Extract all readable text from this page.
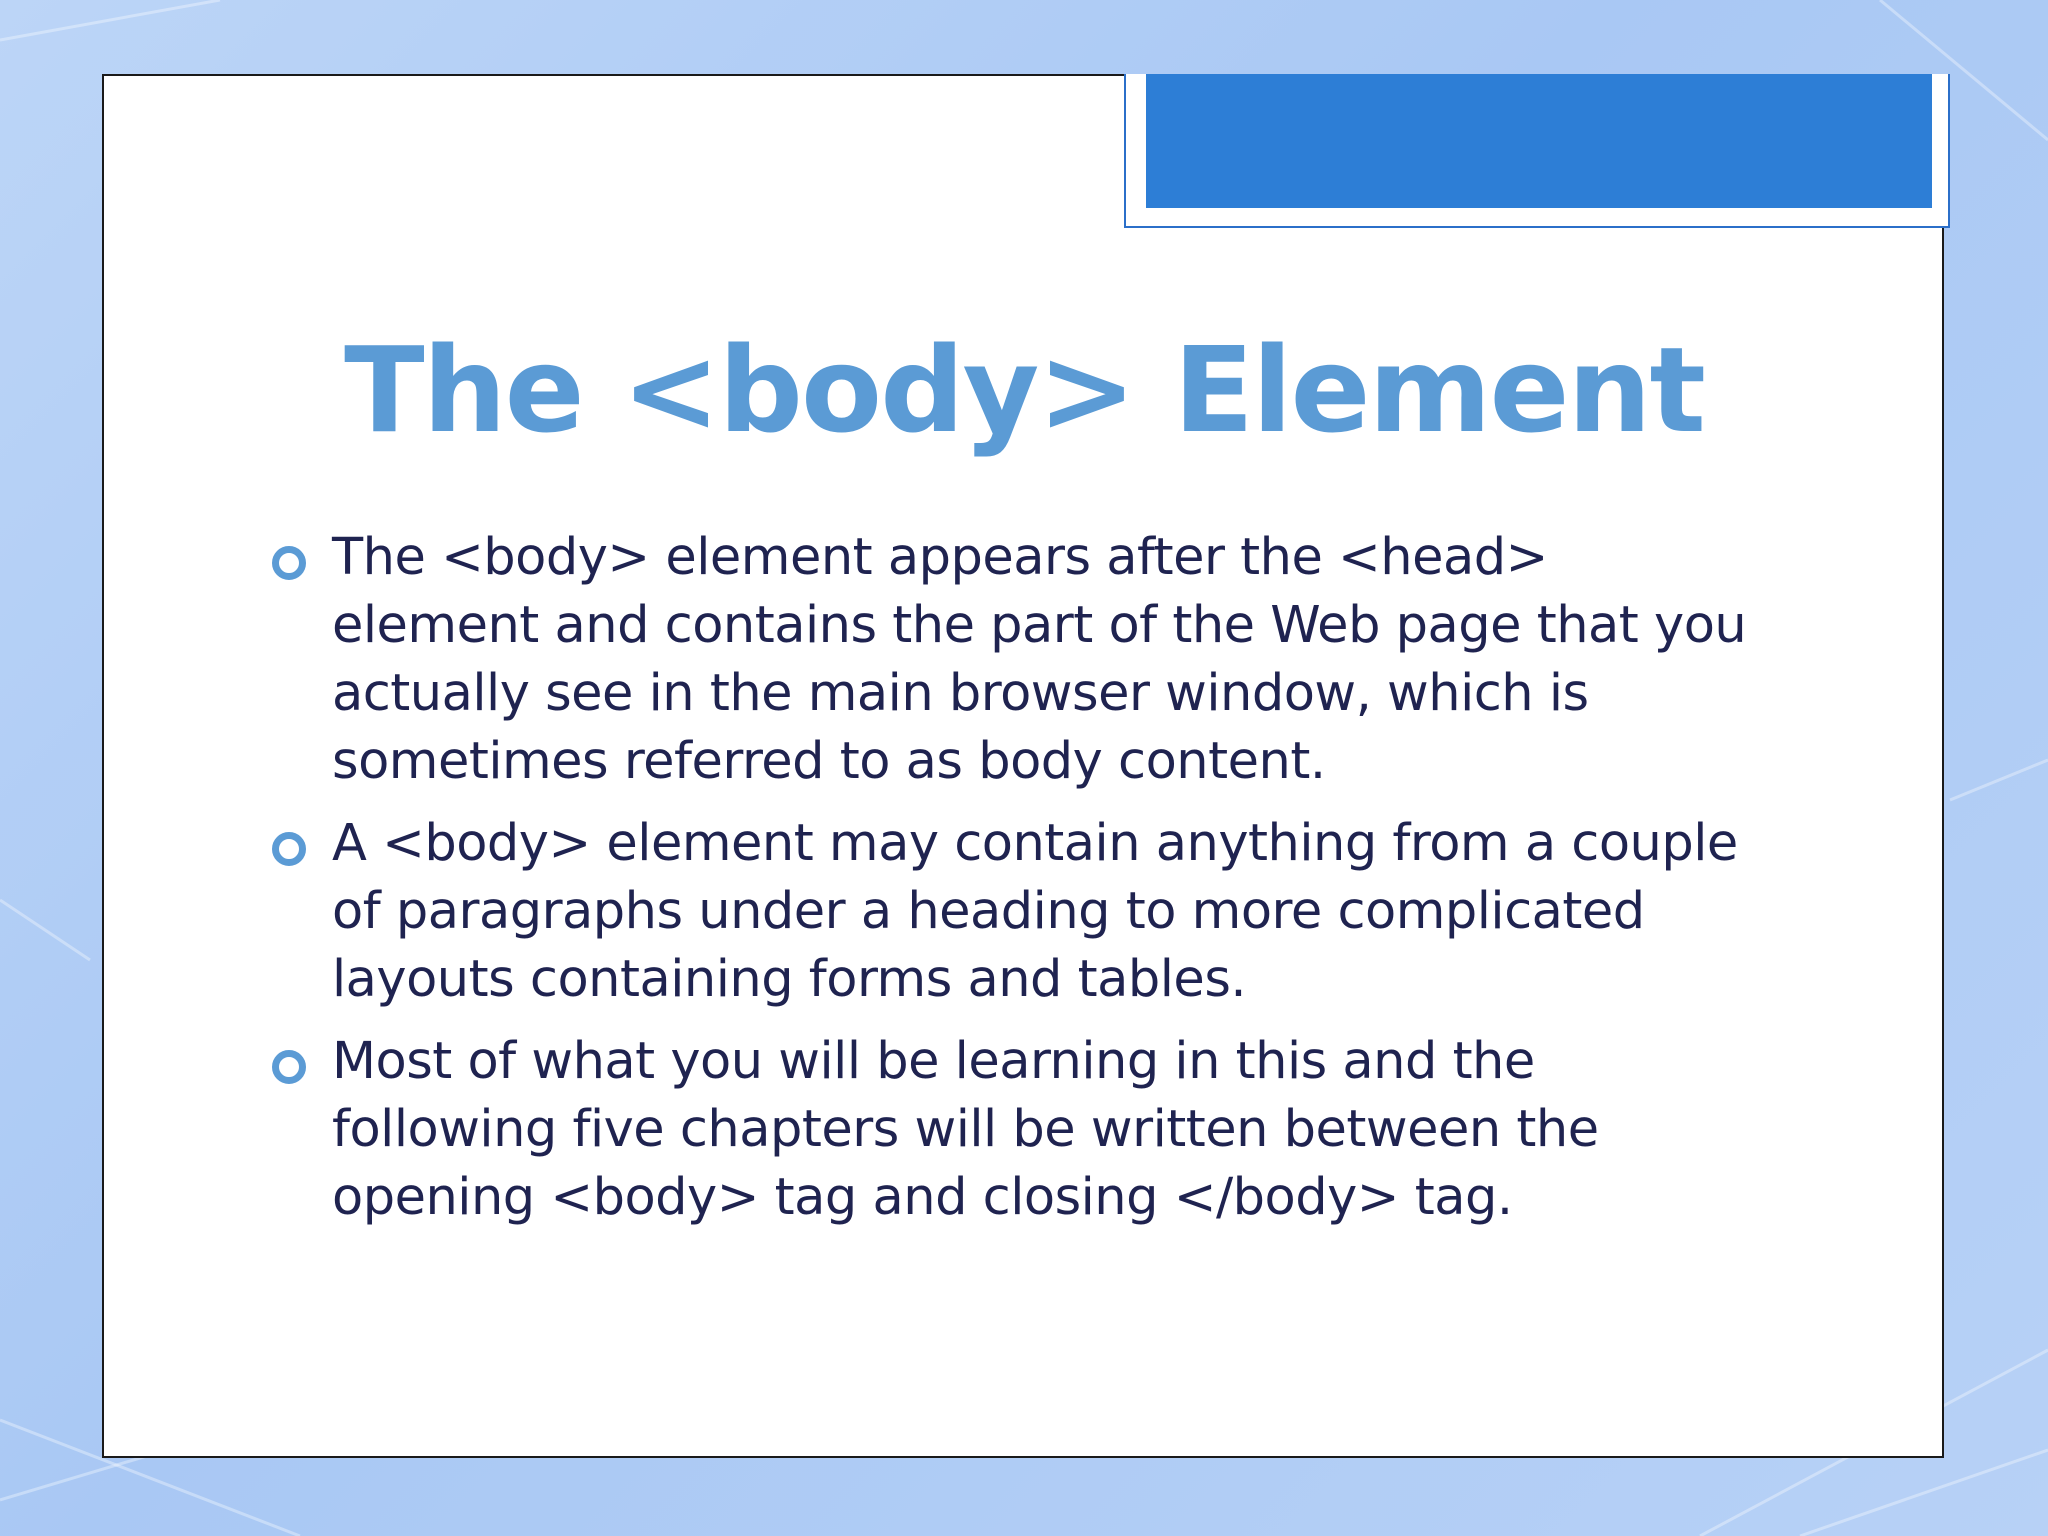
The <body> Element
The <body> element appears after the <head> element and contains the part of the Web page that you actually see in the main browser window, which is sometimes referred to as body content.
A <body> element may contain anything from a couple of paragraphs under a heading to more complicated layouts containing forms and tables.
Most of what you will be learning in this and the following five chapters will be written between the opening <body> tag and closing </body> tag.
